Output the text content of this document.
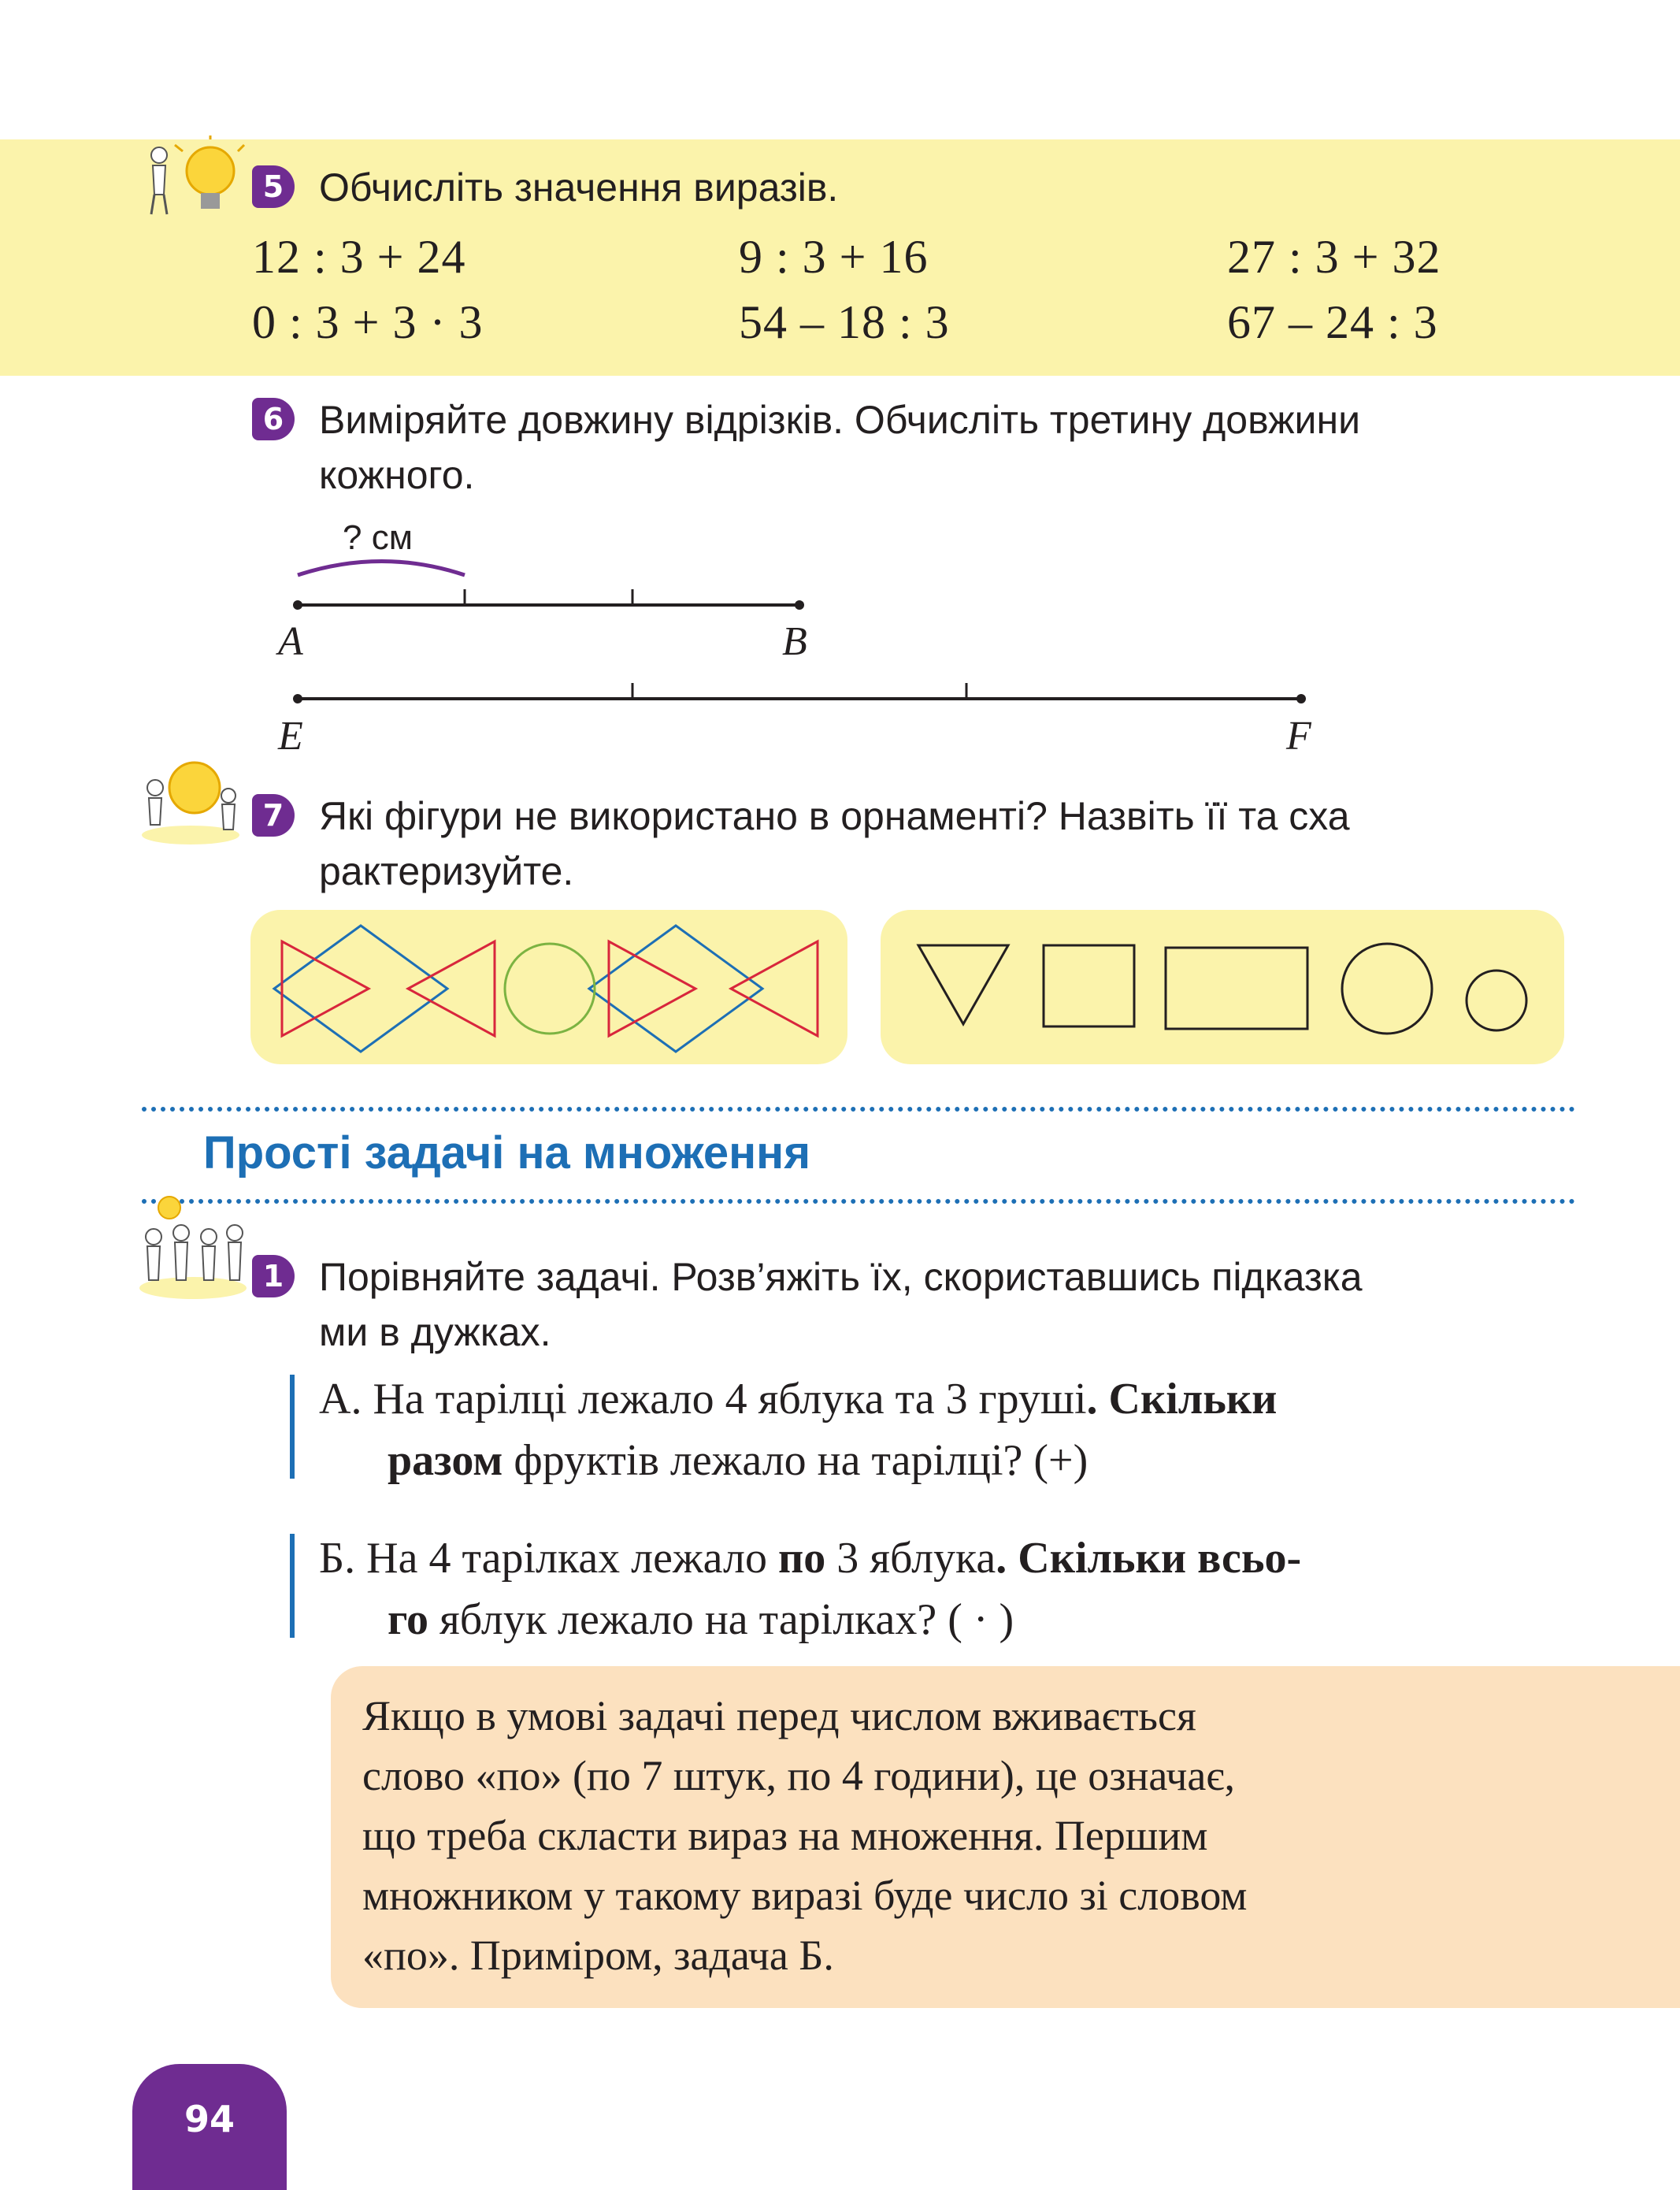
5 Обчисліть значення виразів.
12 : 3 + 24	9 : 3 + 16	27 : 3 + 32
0 : 3 + 3 · 3	54 – 18 : 3	67 – 24 : 3
6 Виміряйте довжину відрізків. Обчисліть третину довжини
кожного.
? см
A	B
E	F
7 Які фігури не використано в орнаменті? Назвіть її та сха
рактеризуйте.
Прості задачі на множення
1 Порівняйте задачі. Розв’яжіть їх, скориставшись підказка
ми в дужках.
А. На тарілці лежало 4 яблука та 3 груші. Скільки
разом фруктів лежало на тарілці? (+)
Б. На 4 тарілках лежало по 3 яблука. Скільки всьо-
го яблук лежало на тарілках? ( · )
Якщо в умові задачі перед числом вживається
слово «по» (по 7 штук, по 4 години), це означає,
що треба скласти вираз на множення. Першим
множником у такому виразі буде число зі словом
«по». Приміром, задача Б.
94
